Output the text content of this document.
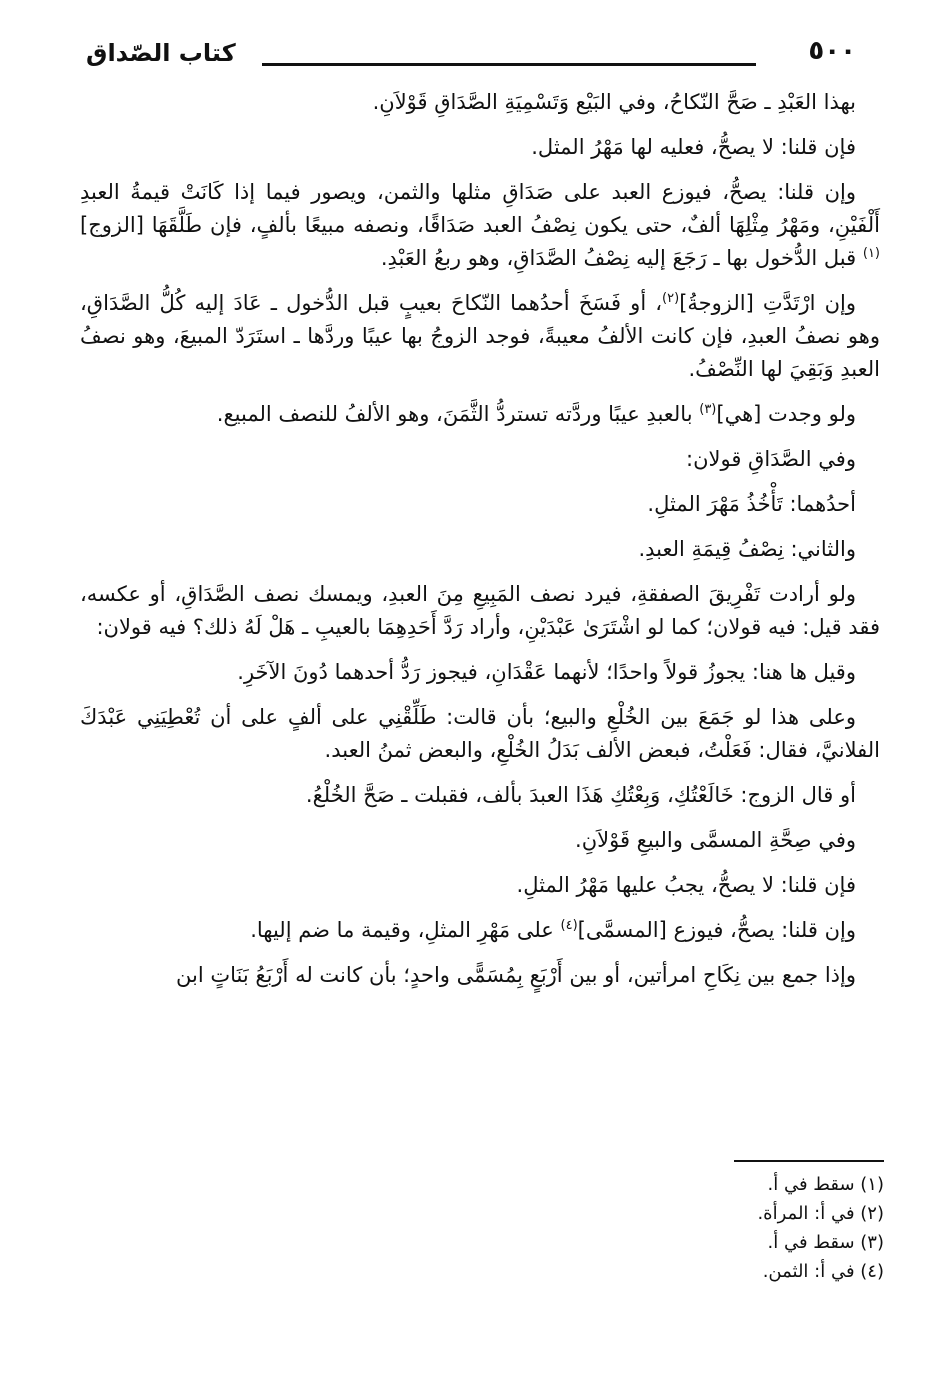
٥٠٠
كتاب الصّداق

بهذا العَبْدِ ـ صَحَّ النّكاحُ، وفي البَيْع وَتَسْمِيَةِ الصَّدَاقِ قَوْلاَنِ.

فإن قلنا: لا يصحُّ، فعليه لها مَهْرُ المثل.

وإن قلنا: يصحُّ، فيوزع العبد على صَدَاقِ مثلها والثمن، ويصور فيما إذا كَانَتْ قيمةُ العبدِ أَلْفَيْنِ، ومَهْرُ مِثْلِهَا ألفٌ، حتى يكون نِصْفُ العبد صَدَاقًا، ونصفه مبيعًا بألفٍ، فإن طَلَّقَهَا [الزوج]$^{(١)}$ قبل الدُّخول بها ـ رَجَعَ إليه نِصْفُ الصَّدَاقِ، وهو ربعُ العَبْدِ.

وإن ارْتَدَّتِ [الزوجةُ]$^{(٢)}$، أو فَسَخَ أحدُهما النّكاحَ بعيبٍ قبل الدُّخول ـ عَادَ إليه كُلُّ الصَّدَاقِ، وهو نصفُ العبدِ، فإن كانت الألفُ معيبةً، فوجد الزوجُ بها عيبًا وردَّها ـ استَرَدّ المبيعَ، وهو نصفُ العبدِ وَبَقِيَ لها النِّصْفُ.

ولو وجدت [هي]$^{(٣)}$ بالعبدِ عيبًا وردَّته تستردُّ الثَّمَنَ، وهو الألفُ للنصف المبيع.

وفي الصَّدَاقِ قولان:

أحدُهما: تَأْخُذُ مَهْرَ المثلِ.

والثاني: نِصْفُ قِيمَةِ العبدِ.

ولو أرادت تَفْرِيقَ الصفقةِ، فيرد نصف المَبِيعِ مِنَ العبدِ، ويمسك نصف الصَّدَاقِ، أو عكسه، فقد قيل: فيه قولان؛ كما لو اشْتَرَىٰ عَبْدَيْنِ، وأراد رَدَّ أَحَدِهِمَا بالعيبِ ـ هَلْ لَهُ ذلك؟ فيه قولان:

وقيل ها هنا: يجوزُ قولاً واحدًا؛ لأنهما عَقْدَانِ، فيجوز رَدُّ أحدهما دُونَ الآخَرِ.

وعلى هذا لو جَمَعَ بين الخُلْعِ والبيع؛ بأن قالت: طَلِّقْنِي على ألفٍ على أن تُعْطِيَنِي عَبْدَكَ الفلانيَّ، فقال: فَعَلْتُ، فبعض الألف بَدَلُ الخُلْعِ، والبعض ثمنُ العبد.

أو قال الزوج: خَالَعْتُكِ، وَبِعْتُكِ هَذَا العبدَ بألف، فقبلت ـ صَحَّ الخُلْعُ.

وفي صِحَّةِ المسمَّى والبيعِ قَوْلاَنِ.

فإن قلنا: لا يصحُّ، يجبُ عليها مَهْرُ المثلِ.

وإن قلنا: يصحُّ، فيوزع [المسمَّى]$^{(٤)}$ على مَهْرِ المثلِ، وقيمة ما ضم إليها.

وإذا جمع بين نِكَاحِ امرأتين، أو بين أَرْبَعٍ بِمُسَمًّى واحدٍ؛ بأن كانت له أَرْبَعُ بَنَاتٍ ابن

(١) سقط في أ.

(٢) في أ: المرأة.

(٣) سقط في أ.

(٤) في أ: الثمن.
